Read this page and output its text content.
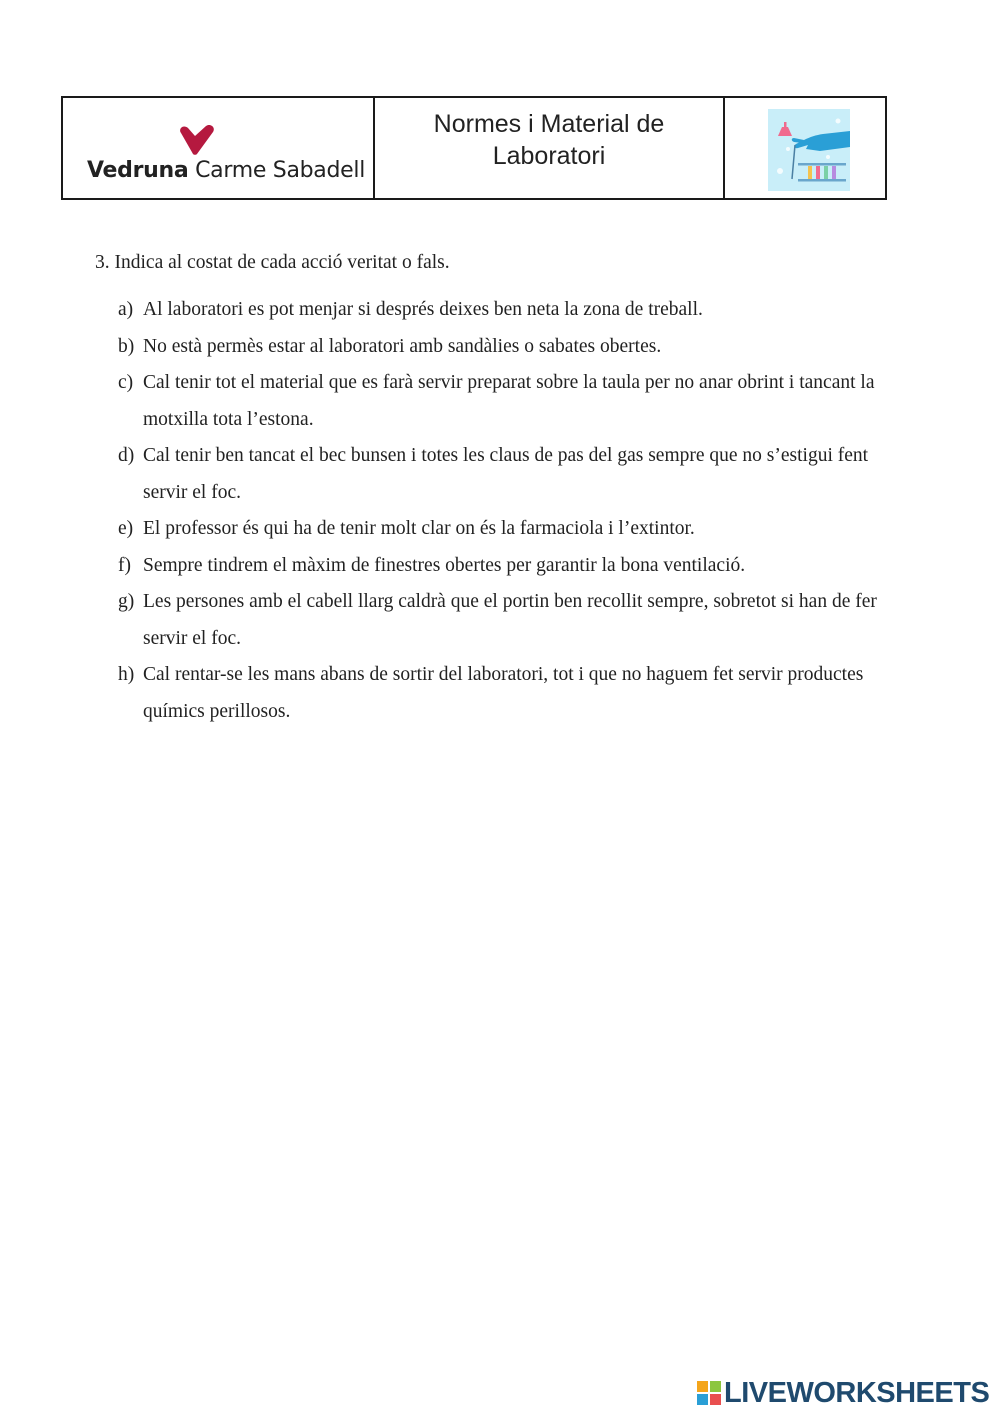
Vedruna Carme Sabadell
Normes i Material de
Laboratori
3. Indica al costat de cada acció veritat o fals.
a) Al laboratori es pot menjar si després deixes ben neta la zona de treball.
b) No està permès estar al laboratori amb sandàlies o sabates obertes.
c) Cal tenir tot el material que es farà servir preparat sobre la taula per no anar obrint i tancant la motxilla tota l’estona.
d) Cal tenir ben tancat el bec bunsen i totes les claus de pas del gas sempre que no s’estigui fent servir el foc.
e) El professor és qui ha de tenir molt clar on és la farmaciola i l’extintor.
f) Sempre tindrem el màxim de finestres obertes per garantir la bona ventilació.
g) Les persones amb el cabell llarg caldrà que el portin ben recollit sempre, sobretot si han de fer servir el foc.
h) Cal rentar-se les mans abans de sortir del laboratori, tot i que no haguem fet servir productes químics perillosos.
LIVEWORKSHEETS
